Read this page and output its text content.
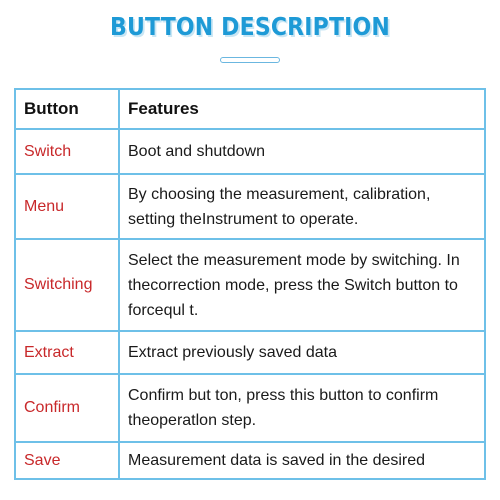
BUTTON DESCRIPTION
Button	Features
Switch	Boot and shutdown
Menu	By choosing the measurement, calibration, setting theInstrument to operate.
Switching	Select the measurement mode by switching. In thecorrection mode, press the Switch button to forcequl t.
Extract	Extract previously saved data
Confirm	Confirm but ton, press this button to confirm theoperatlon step.
Save	Measurement data is saved in the desired
